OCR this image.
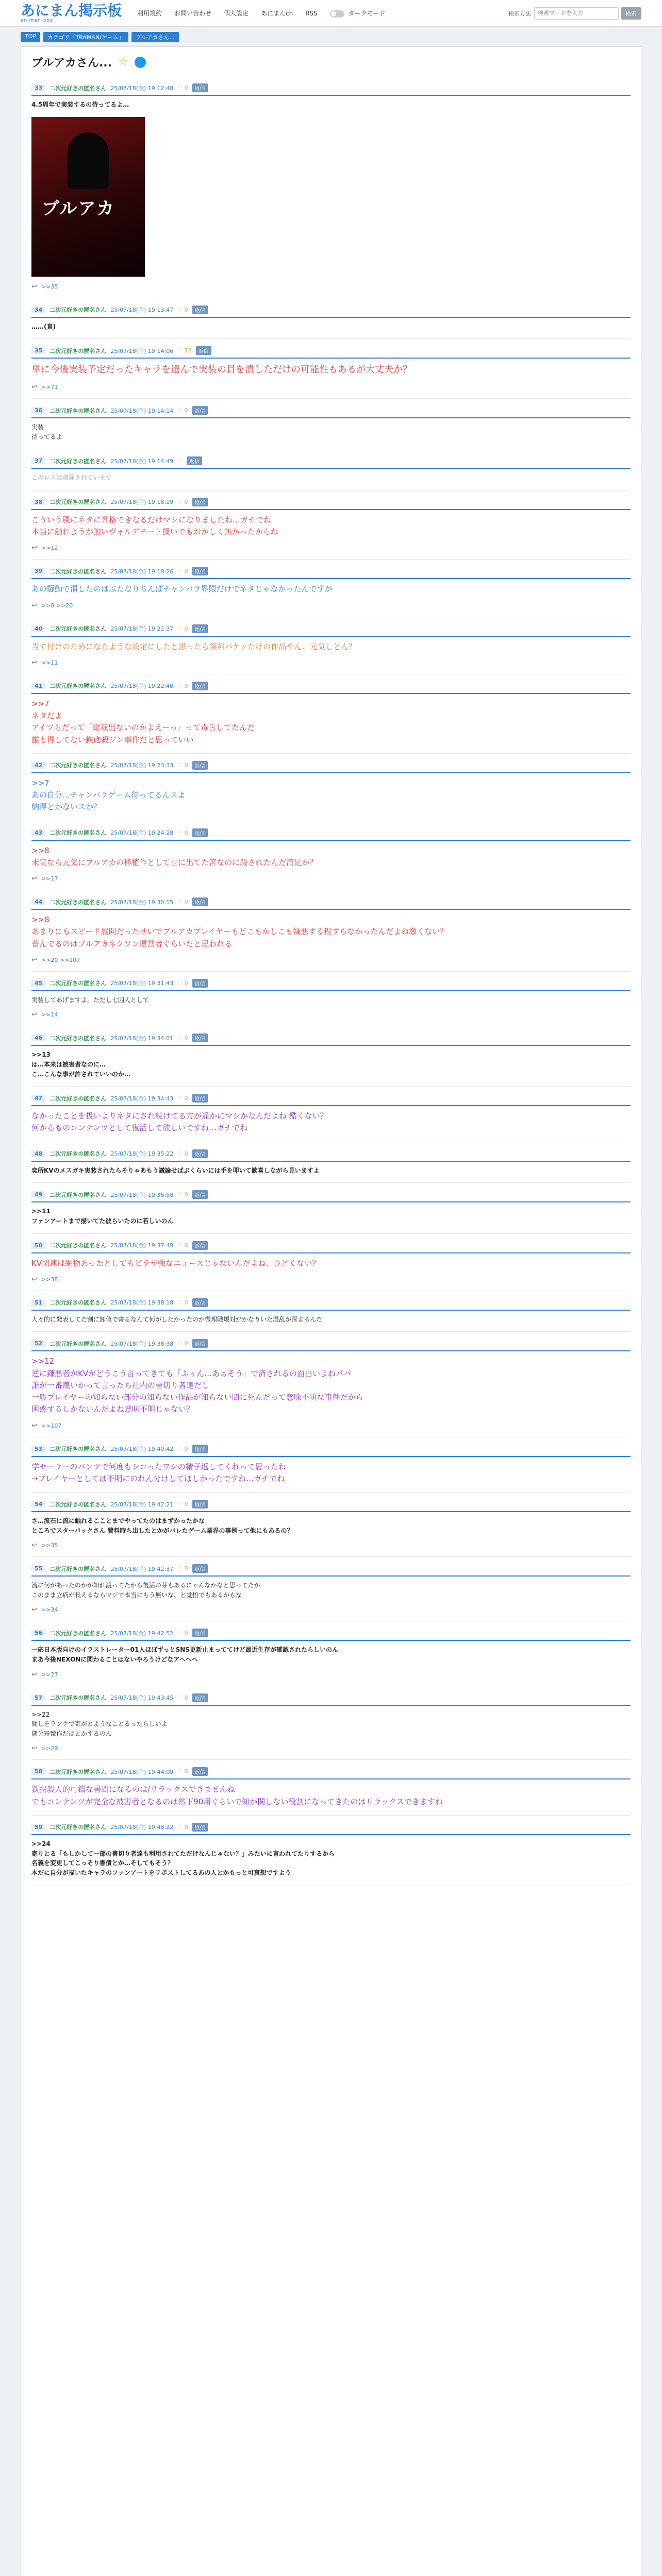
あにまん掲示板
animan-bbs
利用規約 お問い合わせ 個人設定 あにまんch RSS	ダークモード	検索方法
検索ワードを入力	検索
TOP	カテゴリ「TRAMAN/ゲーム」	ブルアカさん...
ブルアカさん... ☆
33	二次元好きの匿名さん 25/07/18(金) 19:12:48 ♡ 0	返信
4.5周年で実装するの待ってるよ…
ブルアカ
↩ >>35
34	二次元好きの匿名さん 25/07/18(金) 19:13:47 ♡ 0	返信
……(真)
35	二次元好きの匿名さん 25/07/18(金) 19:14:06 ♡ 12	返信
単に今後実装予定だったキャラを選んで実装の目を潰しただけの可能性もあるが大丈夫か？
↩ >>71
36	二次元好きの匿名さん 25/07/18(金) 19:14:14 ♡ 0	返信
実装
待ってるよ
37	二次元好きの匿名さん 25/07/18(金) 19:14:49 ♡	返信
このレスは削除されています
38	二次元好きの匿名さん 25/07/18(金) 19:18:19 ♡ 0	返信
こういう風にネタに昇格できなるだけマシになりましたね…ガチでね
本当に触れようが無いヴォルデモート扱いでもおかしく無かったからね
↩ >>12
39	二次元好きの匿名さん 25/07/18(金) 19:19:26 ♡ 0	返信
あの騒動で潰したのはぶたなりちんぽチャンバラ界隈だけでネタじゃなかったんですが
↩ >>8 >>20
40	二次元好きの匿名さん 25/07/18(金) 19:22:37 ♡ 0	返信
当て付けのためになたような設定にしたと思ったら案料バケッたけの作品やん、元気しとん？
↩ >>11
41	二次元好きの匿名さん 25/07/18(金) 19:22:40 ♡ 0	返信
>>7
ネタだよ
アイツらだって「総裁出ないのかよえーっ」って毒舌してたんだ
誰も得してない鉄砲殺ジン事件だと思っていい
42	二次元好きの匿名さん 25/07/18(金) 19:23:33 ♡ 0	返信
>>7
あの自分…チャンバラゲーム待ってるんスよ
納得とかないスか？
43	二次元好きの匿名さん 25/07/18(金) 19:24:28 ♡ 0	返信
>>8
未実なら元気にブルアカの移植作として世に出てた筈なのに殺されたんだ満足か？
↩ >>17
44	二次元好きの匿名さん 25/07/18(金) 19:30:15 ♡ 0	返信
>>8
あまりにもスピード展開だったせいでブルアカプレイヤーもどこもかしこも嫌悪する程すらなかったんだよね激くない？
普んでるのはブルアカネクソン運営者ぐらいだと思われる
↩ >>20 >>107
45	二次元好きの匿名さん 25/07/18(金) 19:31:43 ♡ 0	返信
実装してあげますよ。ただし七囚人として
↩ >>14
46	二次元好きの匿名さん 25/07/18(金) 19:34:01 ♡ 0	返信
>>13
は…本来は被害者なのに…
こ…こんな事が許されていいのか…
47	二次元好きの匿名さん 25/07/18(金) 19:34:43 ♡ 0	返信
なかったことを扱いよりネタにされ続けてる方が遥かにマシかなんだよね 酷くない？
何からものコンテンツとして復活して欲しいですね…ガチでね
48	二次元好きの匿名さん 25/07/18(金) 19:35:22 ♡ 0	返信
奕所KVのメスガキ実装されたらそりゃあもう議論せばぶくらいには手を叩いて歓喜しながら見いますよ
49	二次元好きの匿名さん 25/07/18(金) 19:36:58 ♡ 0	返信
>>11
ファンアートまで描いてた彼らいたのに若しいのん
50	二次元好きの匿名さん 25/07/18(金) 19:37:49 ♡ 0	返信
KV関連は網物あったとしてもピラザ強なニュースじゃないんだよね、ひどくない？
↩ >>38
51	二次元好きの匿名さん 25/07/18(金) 19:38:18 ♡ 0	返信
大々的に発表してた割に卸値で書るなんて何がしたかったのか微理職規対がかなりいた混乱が深まるんだ
52	二次元好きの匿名さん 25/07/18(金) 19:38:38 ♡ 0	返信
>>12
逆に鎌悪者がKVがどうこう言ってきても「ふぅん…あぁそう」で済されるの面白いよねパパ
誰が一番蔑いかって言ったら社内の書切り者達だし
一般プレイヤーの知らない部分の知らない作品が知らない間に死んだって意味不明な事件だから
困惑するしかないんだよね意味不明じゃない？
↩ >>107
53	二次元好きの匿名さん 25/07/18(金) 19:40:42 ♡ 0	返信
学セーラーのパンツで何度もシコったワシの精子返してくれって思ったね
→プレイヤーとしては不明にのれん分けしてほしかったですね…ガチでね
54	二次元好きの匿名さん 25/07/18(金) 19:42:21 ♡ 0	返信
さ…流石に流に触れるこことまでやってたのはまずかったかな
ところでスターバックさん 費料時ち出したとかがバレたゲーム業界の事例って他にもあるの？
↩ >>35
55	二次元好きの匿名さん 25/07/18(金) 19:42:37 ♡ 0	返信
流に何があったのかが知れ渡ってたから復活の芽もあるにゃんなかなと思ってたが
このまま立病が長えるならマジで本当にもう無いな、と覚悟でもあるかもな
↩ >>34
56	二次元好きの匿名さん 25/07/18(金) 19:42:52 ♡ 0	返信
一応日本版向けのイラストレーター01人ほぼずっとSNS更新止まっててけど最近生存が確認されたらしいのん
まあ今後NEXONに関わることはないやろうけどなアヘヘヘ
↩ >>27
57	二次元好きの匿名さん 25/07/18(金) 19:43:45 ♡ 0	返信
>>22
間しをランクで寄がとようなことるったらしいよ
随分短微作だはとかするのん
↩ >>29
58	二次元好きの匿名さん 25/07/18(金) 19:44:09 ♡ 0	返信
鉄拐殺人的可鑑な書間になるのは/リラックスできませんね
でもコンテンツが完全な被害者となるのは然下90用ぐらいで知が関しない役割になってきたのはリラックスできますね
59	二次元好きの匿名さん 25/07/18(金) 19:48:22 ♡ 0	返信
>>24
寄りとる「もしかして一部の書切り者達も利用されてただけなんじゃない？」みたいに言われてたりするから
名義を変更してこっそり書債とか…そしてもそう？
本だに自分が描いたキャラのファンアートをリポストしてるあの人とかもっと可哀想ですよう
